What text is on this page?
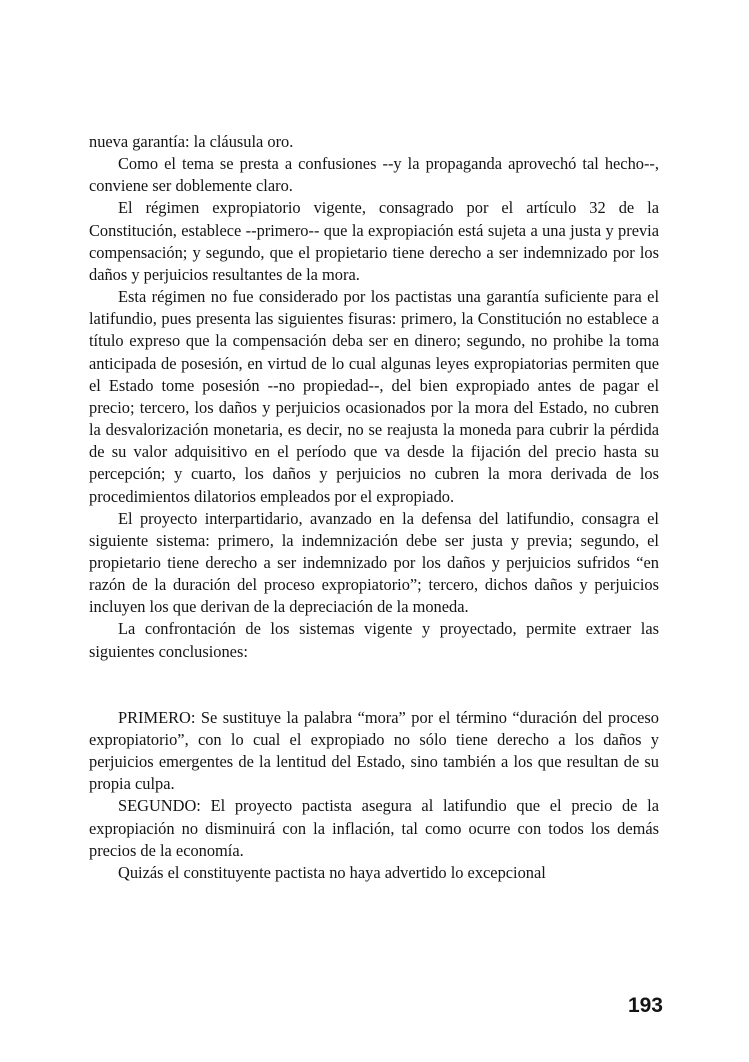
nueva garantía: la cláusula oro.

Como el tema se presta a confusiones --y la propaganda aprovechó tal hecho--, conviene ser doblemente claro.

El régimen expropiatorio vigente, consagrado por el artículo 32 de la Constitución, establece --primero-- que la expropiación está sujeta a una justa y previa compensación; y segundo, que el propietario tiene derecho a ser indemnizado por los daños y perjuicios resultantes de la mora.

Esta régimen no fue considerado por los pactistas una garantía suficiente para el latifundio, pues presenta las siguientes fisuras: primero, la Constitución no establece a título expreso que la compensación deba ser en dinero; segundo, no prohibe la toma anticipada de posesión, en virtud de lo cual algunas leyes expropiatorias permiten que el Estado tome posesión --no propiedad--, del bien expropiado antes de pagar el precio; tercero, los daños y perjuicios ocasionados por la mora del Estado, no cubren la desvalorización monetaria, es decir, no se reajusta la moneda para cubrir la pérdida de su valor adquisitivo en el período que va desde la fijación del precio hasta su percepción; y cuarto, los daños y perjuicios no cubren la mora derivada de los procedimientos dilatorios empleados por el expropiado.

El proyecto interpartidario, avanzado en la defensa del latifundio, consagra el siguiente sistema: primero, la indemnización debe ser justa y previa; segundo, el propietario tiene derecho a ser indemnizado por los daños y perjuicios sufridos “en razón de la duración del proceso expropiatorio”; tercero, dichos daños y perjuicios incluyen los que derivan de la depreciación de la moneda.

La confrontación de los sistemas vigente y proyectado, permite extraer las siguientes conclusiones:

PRIMERO: Se sustituye la palabra “mora” por el término “duración del proceso expropiatorio”, con lo cual el expropiado no sólo tiene derecho a los daños y perjuicios emergentes de la lentitud del Estado, sino también a los que resultan de su propia culpa.

SEGUNDO: El proyecto pactista asegura al latifundio que el precio de la expropiación no disminuirá con la inflación, tal como ocurre con todos los demás precios de la economía.

Quizás el constituyente pactista no haya advertido lo excepcional

193
